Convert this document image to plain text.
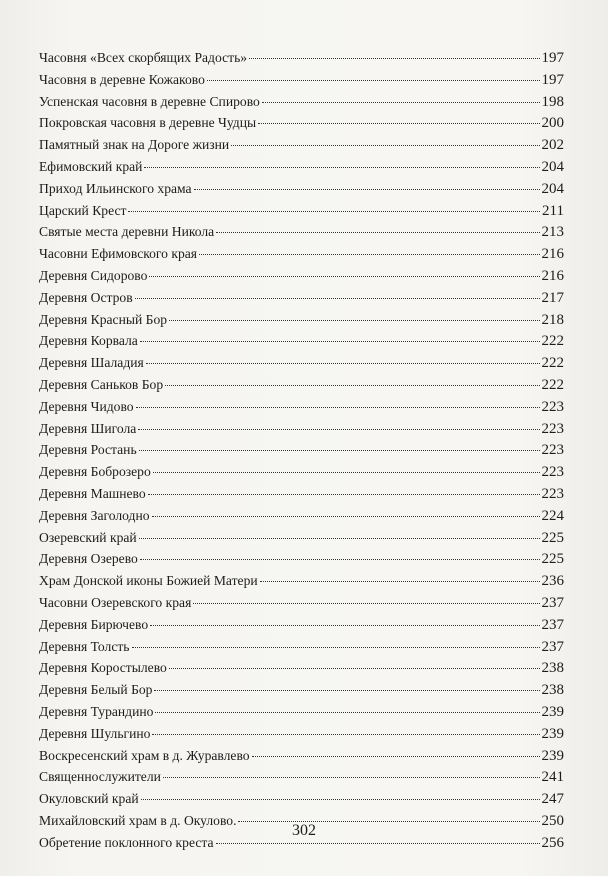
Часовня «Всех скорбящих Радость»	197
Часовня в деревне Кожаково	197
Успенская часовня в деревне Спирово	198
Покровская часовня в деревне Чудцы	200
Памятный знак на Дороге жизни	202
Ефимовский край	204
Приход Ильинского храма	204
Царский Крест	211
Святые места деревни Никола	213
Часовни Ефимовского края	216
Деревня Сидорово	216
Деревня Остров	217
Деревня Красный Бор	218
Деревня Корвала	222
Деревня Шаладия	222
Деревня Саньков Бор	222
Деревня Чидово	223
Деревня Шигола	223
Деревня Ростань	223
Деревня Боброзеро	223
Деревня Машнево	223
Деревня Заголодно	224
Озеревский край	225
Деревня Озерево	225
Храм Донской иконы Божией Матери	236
Часовни Озеревского края	237
Деревня Бирючево	237
Деревня Толсть	237
Деревня Коростылево	238
Деревня Белый Бор	238
Деревня Турандино	239
Деревня Шульгино	239
Воскресенский храм в д. Журавлево	239
Священнослужители	241
Окуловский край	247
Михайловский храм в д. Окулово.	250
Обретение поклонного креста	256
302
